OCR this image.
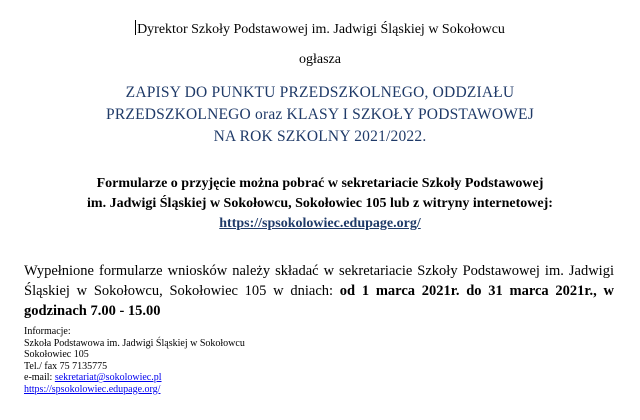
Dyrektor Szkoły Podstawowej im. Jadwigi Śląskiej w Sokołowcu
ogłasza
ZAPISY DO PUNKTU PRZEDSZKOLNEGO, ODDZIAŁU
PRZEDSZKOLNEGO oraz KLASY I SZKOŁY PODSTAWOWEJ
NA ROK SZKOLNY 2021/2022.
Formularze o przyjęcie można pobrać w sekretariacie Szkoły Podstawowej
im. Jadwigi Śląskiej w Sokołowcu, Sokołowiec 105 lub z witryny internetowej:
https://spsokolowiec.edupage.org/
Wypełnione formularze wniosków należy składać w sekretariacie Szkoły Podstawowej im. Jadwigi Śląskiej w Sokołowcu, Sokołowiec 105 w dniach: od 1 marca 2021r. do 31 marca 2021r., w godzinach 7.00 - 15.00
Informacje:
Szkoła Podstawowa im. Jadwigi Śląskiej w Sokołowcu
Sokołowiec 105
Tel./ fax 75 7135775
e-mail: sekretariat@sokolowiec.pl
https://spsokolowiec.edupage.org/
